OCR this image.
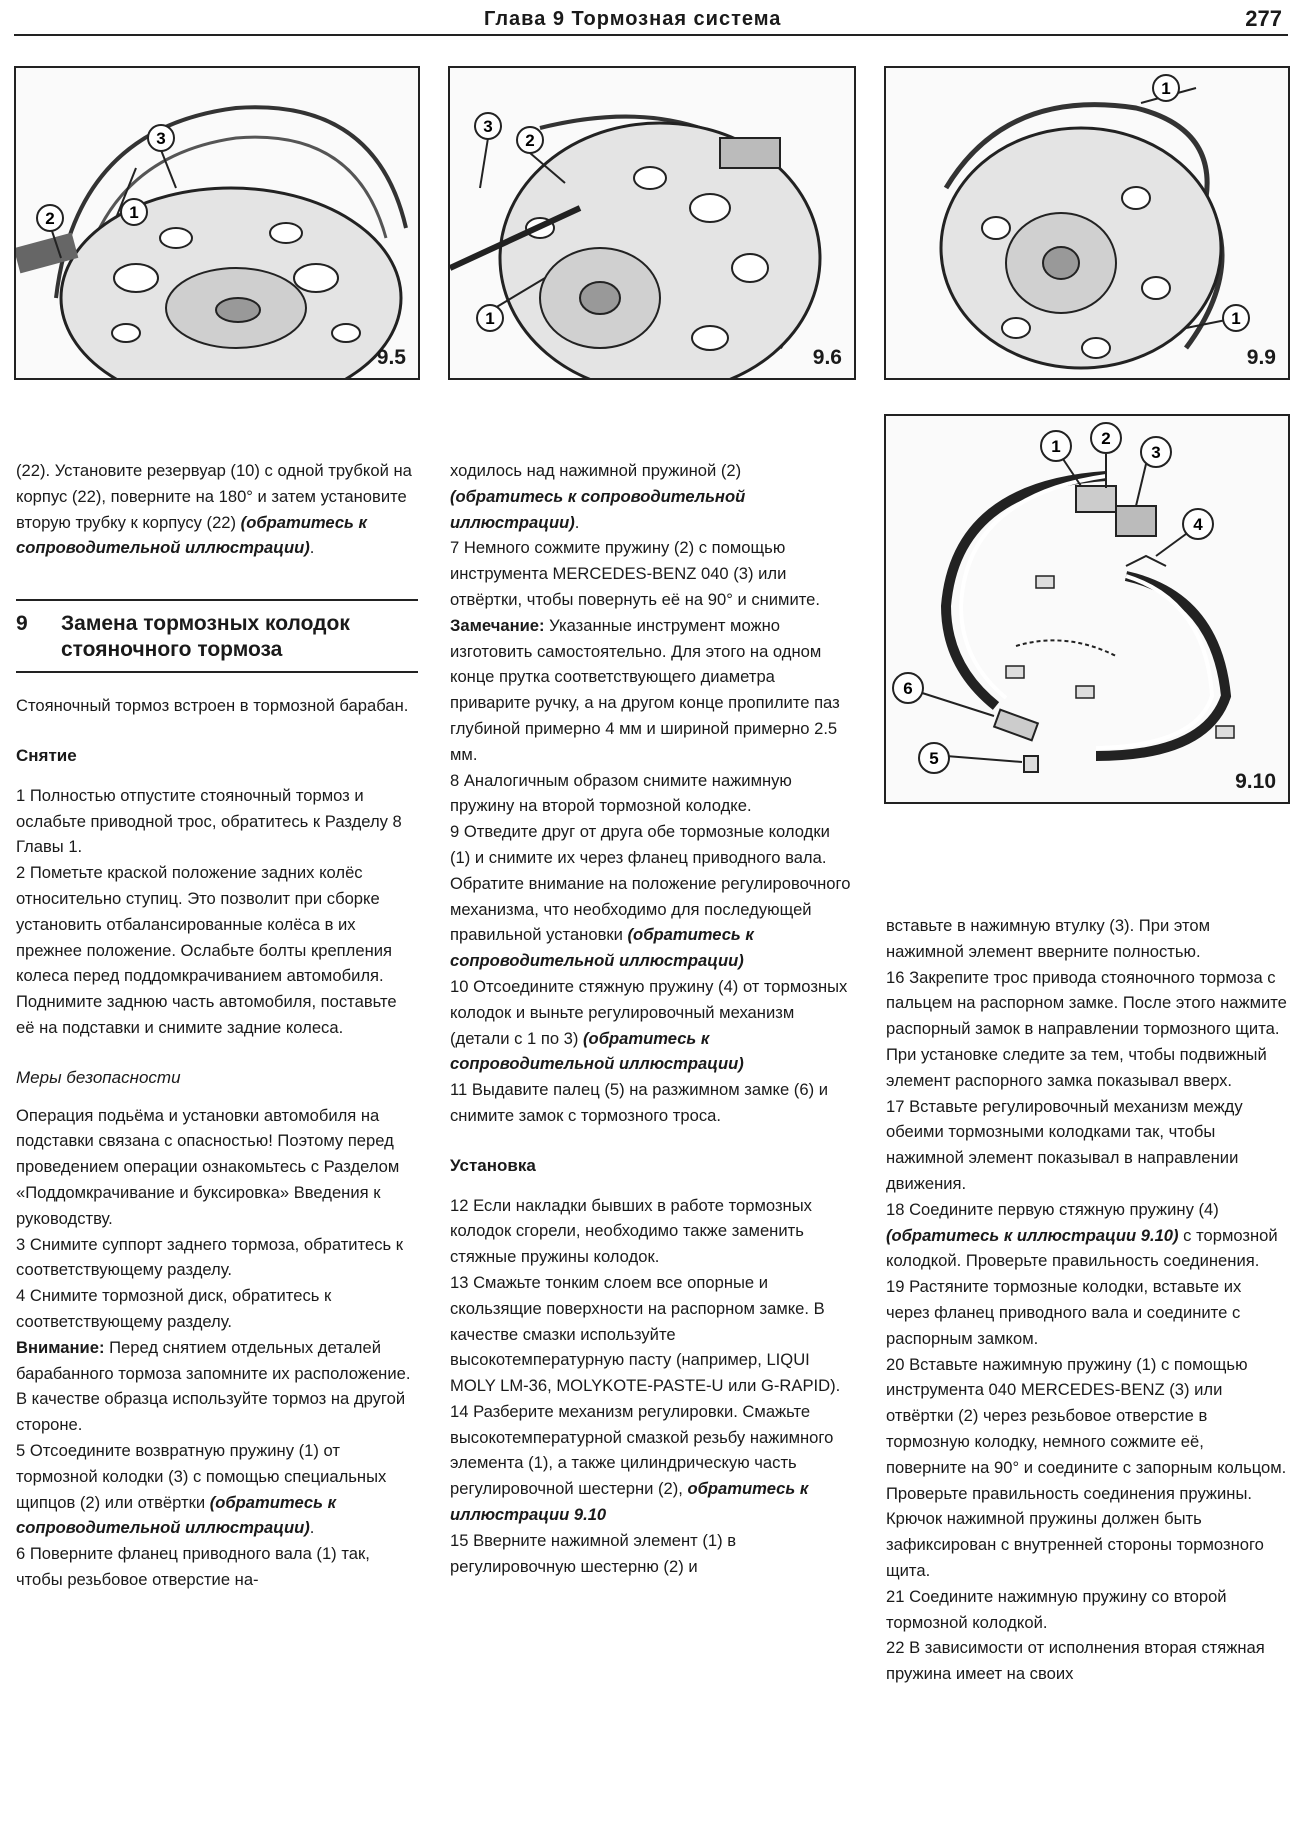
Глава 9 Тормозная система	277
3
1
2
9.5
2
3
1
9.6
1
1
9.9
1 2
3
4
6
5
9.10

(22). Установите резервуар (10) с одной трубкой на корпус (22), поверните на 180° и затем установите вторую трубку к корпусу (22) (обратитесь к сопроводительной иллюстрации).

9	Замена тормозных колодок стояночного тормоза

Стояночный тормоз встроен в тормозной барабан.

Снятие

1 Полностью отпустите стояночный тормоз и ослабьте приводной трос, обратитесь к Разделу 8 Главы 1.

2 Пометьте краской положение задних колёс относительно ступиц. Это позволит при сборке установить отбалансированные колёса в их прежнее положение. Ослабьте болты крепления колеса перед поддомкрачиванием автомобиля. Поднимите заднюю часть автомобиля, поставьте её на подставки и снимите задние колеса.

Меры безопасности

Операция подьёма и установки автомобиля на подставки связана с опасностью! Поэтому перед проведением операции ознакомьтесь с Разделом «Поддомкрачивание и буксировка» Введения к руководству.

3 Снимите суппорт заднего тормоза, обратитесь к соответствующему разделу.

4 Снимите тормозной диск, обратитесь к соответствующему разделу.

Внимание: Перед снятием отдельных деталей барабанного тормоза запомните их расположение. В качестве образца используйте тормоз на другой стороне.

5 Отсоедините возвратную пружину (1) от тормозной колодки (3) с помощью специальных щипцов (2) или отвёртки (обратитесь к сопроводительной иллюстрации).

6 Поверните фланец приводного вала (1) так, чтобы резьбовое отверстие на-

ходилось над нажимной пружиной (2) (обратитесь к сопроводительной иллюстрации).

7 Немного сожмите пружину (2) с помощью инструмента MERCEDES-BENZ 040 (3) или отвёртки, чтобы повернуть её на 90° и снимите.

Замечание: Указанные инструмент можно изготовить самостоятельно. Для этого на одном конце прутка соответствующего диаметра приварите ручку, а на другом конце пропилите паз глубиной примерно 4 мм и шириной примерно 2.5 мм.

8 Аналогичным образом снимите нажимную пружину на второй тормозной колодке.

9 Отведите друг от друга обе тормозные колодки (1) и снимите их через фланец приводного вала. Обратите внимание на положение регулировочного механизма, что необходимо для последующей правильной установки (обратитесь к сопроводительной иллюстрации)

10 Отсоедините стяжную пружину (4) от тормозных колодок и выньте регулировочный механизм (детали с 1 по 3) (обратитесь к сопроводительной иллюстрации)

11 Выдавите палец (5) на разжимном замке (6) и снимите замок с тормозного троса.

Установка

12 Если накладки бывших в работе тормозных колодок сгорели, необходимо также заменить стяжные пружины колодок.

13 Смажьте тонким слоем все опорные и скользящие поверхности на распорном замке. В качестве смазки используйте высокотемпературную пасту (например, LIQUI MOLY LM-36, MOLYKOTE-PASTE-U или G-RAPID).

14 Разберите механизм регулировки. Смажьте высокотемпературной смазкой резьбу нажимного элемента (1), а также цилиндрическую часть регулировочной шестерни (2), обратитесь к иллюстрации 9.10

15 Вверните нажимной элемент (1) в регулировочную шестерню (2) и

вставьте в нажимную втулку (3). При этом нажимной элемент вверните полностью.

16 Закрепите трос привода стояночного тормоза с пальцем на распорном замке. После этого нажмите распорный замок в направлении тормозного щита. При установке следите за тем, чтобы подвижный элемент распорного замка показывал вверх.

17 Вставьте регулировочный механизм между обеими тормозными колодками так, чтобы нажимной элемент показывал в направлении движения.

18 Соедините первую стяжную пружину (4) (обратитесь к иллюстрации 9.10) с тормозной колодкой. Проверьте правильность соединения.

19 Растяните тормозные колодки, вставьте их через фланец приводного вала и соедините с распорным замком.

20 Вставьте нажимную пружину (1) с помощью инструмента 040 MERCEDES-BENZ (3) или отвёртки (2) через резьбовое отверстие в тормозную колодку, немного сожмите её, поверните на 90° и соедините с запорным кольцом. Проверьте правильность соединения пружины. Крючок нажимной пружины должен быть зафиксирован с внутренней стороны тормозного щита.

21 Соедините нажимную пружину со второй тормозной колодкой.

22 В зависимости от исполнения вторая стяжная пружина имеет на своих
